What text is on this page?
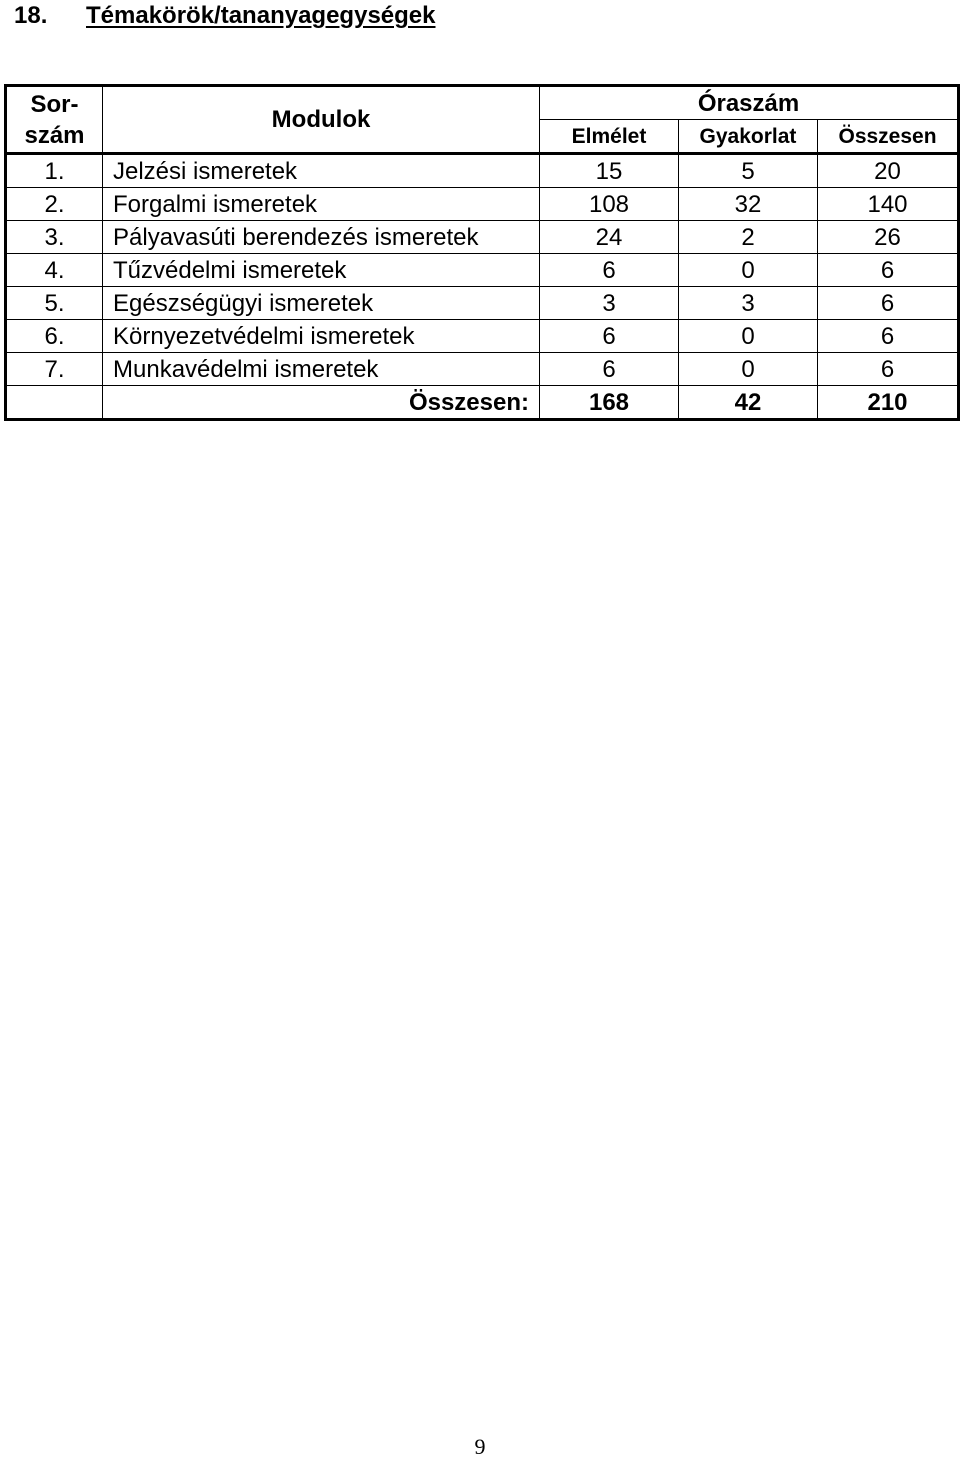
18. Témakörök/tananyagegységek
Sor-
szám	Modulok	Óraszám		
		Elmélet	Gyakorlat	Összesen
1.	Jelzési ismeretek	15	5	20
2.	Forgalmi ismeretek	108	32	140
3.	Pályavasúti berendezés ismeretek	24	2	26
4.	Tűzvédelmi ismeretek	6	0	6
5.	Egészségügyi ismeretek	3	3	6
6.	Környezetvédelmi ismeretek	6	0	6
7.	Munkavédelmi ismeretek	6	0	6
	Összesen:	168	42	210
9
